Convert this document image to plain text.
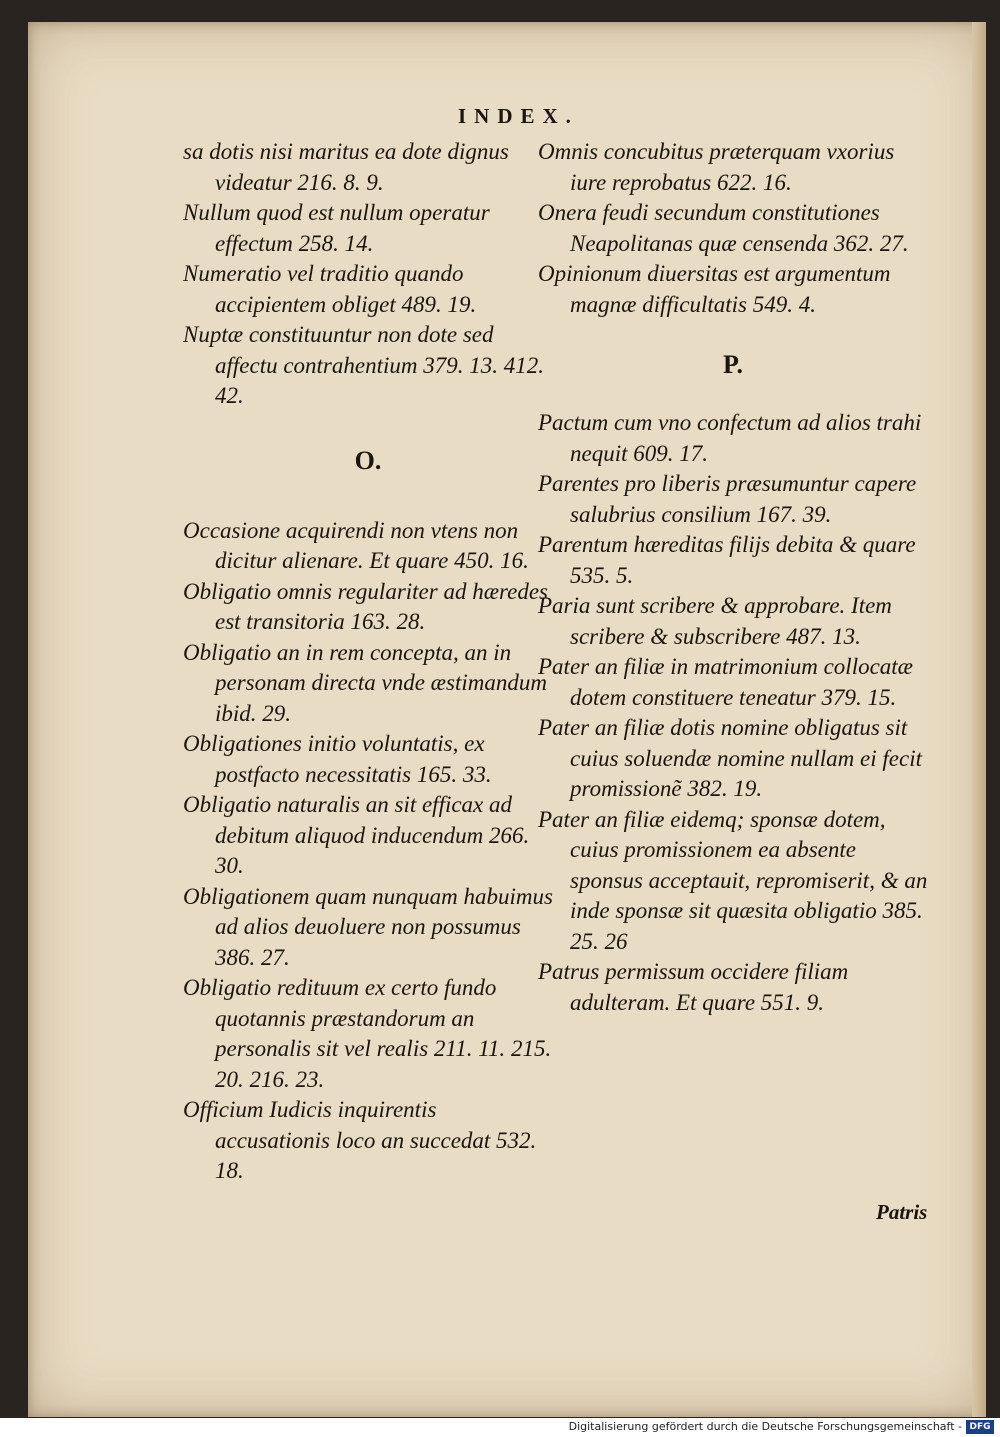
INDEX.

sa dotis nisi maritus ea dote dignus videatur 216. 8. 9.

Nullum quod est nullum operatur effectum 258. 14.

Numeratio vel traditio quando accipientem obliget 489. 19.

Nuptæ constituuntur non dote sed affectu contrahentium 379. 13. 412. 42.

O.

Occasione acquirendi non vtens non dicitur alienare. Et quare 450. 16.

Obligatio omnis regulariter ad hæredes est transitoria 163. 28.

Obligatio an in rem concepta, an in personam directa vnde æstimandum ibid. 29.

Obligationes initio voluntatis, ex postfacto necessitatis 165. 33.

Obligatio naturalis an sit efficax ad debitum aliquod inducendum 266. 30.

Obligationem quam nunquam habuimus ad alios deuoluere non possumus 386. 27.

Obligatio redituum ex certo fundo quotannis præstandorum an personalis sit vel realis 211. 11. 215. 20. 216. 23.

Officium Iudicis inquirentis accusationis loco an succedat 532. 18.

Omnis concubitus præterquam vxorius iure reprobatus 622. 16.

Onera feudi secundum constitutiones Neapolitanas quæ censenda 362. 27.

Opinionum diuersitas est argumentum magnæ difficultatis 549. 4.

P.

Pactum cum vno confectum ad alios trahi nequit 609. 17.

Parentes pro liberis præsumuntur capere salubrius consilium 167. 39.

Parentum hæreditas filijs debita & quare 535. 5.

Paria sunt scribere & approbare. Item scribere & subscribere 487. 13.

Pater an filiæ in matrimonium collocatæ dotem constituere teneatur 379. 15.

Pater an filiæ dotis nomine obligatus sit cuius soluendæ nomine nullam ei fecit promissionẽ 382. 19.

Pater an filiæ eidemq; sponsæ dotem, cuius promissionem ea absente sponsus acceptauit, repromiserit, & an inde sponsæ sit quæsita obligatio 385. 25. 26

Patrus permissum occidere filiam adulteram. Et quare 551. 9.

Patris
Digitalisierung gefördert durch die Deutsche Forschungsgemeinschaft - DFG
